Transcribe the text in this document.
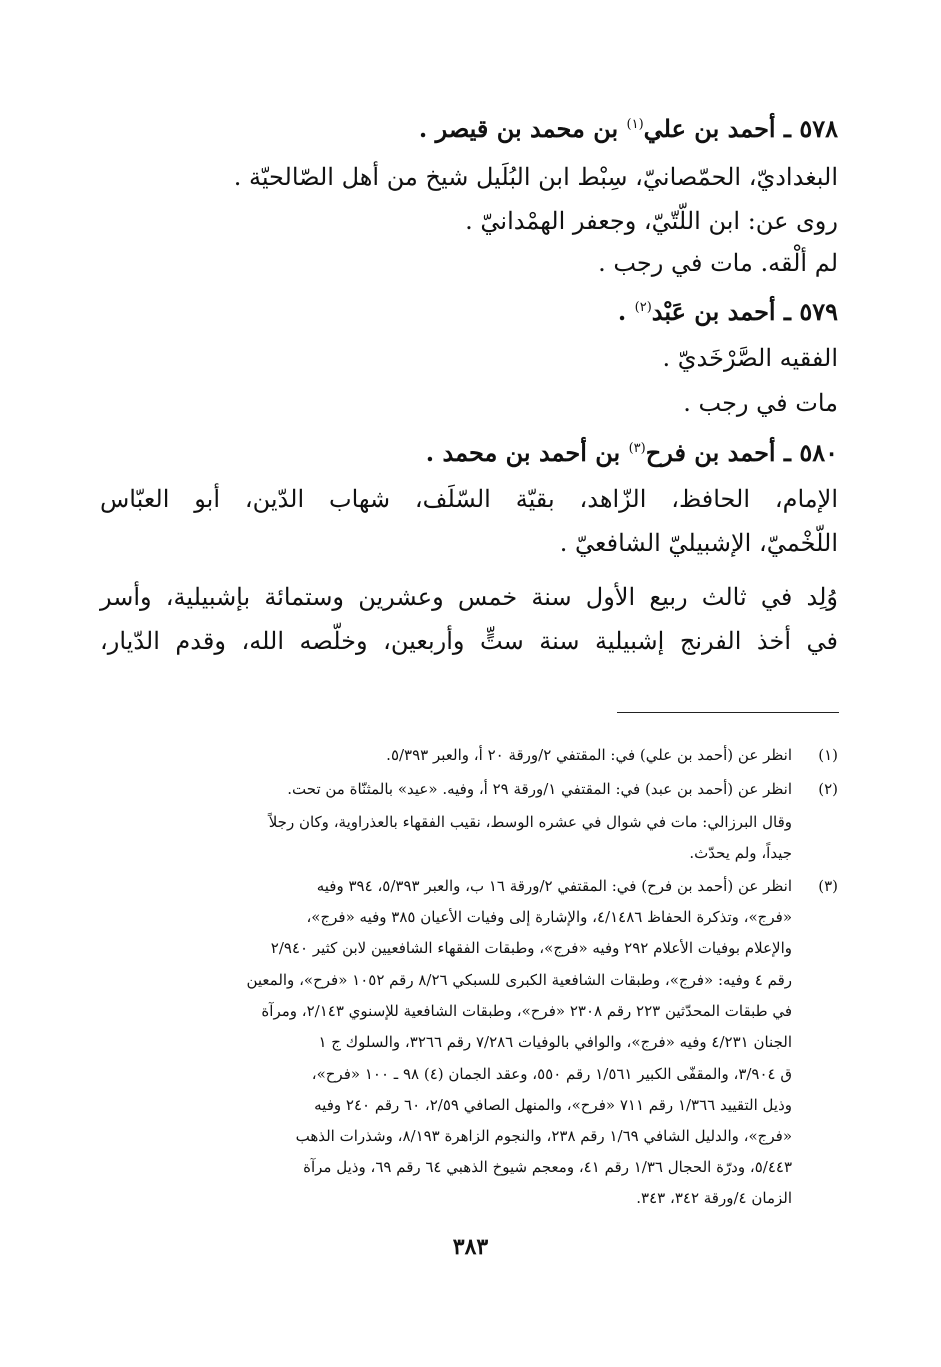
٥٧٨ ـ أحمد بن علي$^{(١)}$ بن محمد بن قيصر .
البغداديّ، الحمّصانيّ، سِبْط ابن البُلَيل شيخ من أهل الصّالحيّة .
روى عن: ابن اللّتّيّ، وجعفر الهمْدانيّ .
لم ألْقه. مات في رجب .
٥٧٩ ـ أحمد بن عَبْد$^{(٢)}$ .
الفقيه الصَّرْخَديّ .
مات في رجب .
٥٨٠ ـ أحمد بن فرح$^{(٣)}$ بن أحمد بن محمد .
الإمام، الحافظ، الزّاهد، بقيّة السّلَف، شهاب الدّين، أبو العبّاس
اللّخْميّ، الإشبيليّ الشافعيّ .
وُلِد في ثالث ربيع الأول سنة خمس وعشرين وستمائة بإشبيلية، وأسر
في أخذ الفرنج إشبيلية سنة ستٍّ وأربعين، وخلّصه الله، وقدم الدّيار،
(١)
انظر عن (أحمد بن علي) في: المقتفي ٢/ورقة ٢٠ أ، والعبر ٥/٣٩٣.
(٢)
انظر عن (أحمد بن عبد) في: المقتفي ١/ورقة ٢٩ أ، وفيه. «عيد» بالمثنّاة من تحت.
وقال البرزالي: مات في شوال في عشره الوسط، نقيب الفقهاء بالعذراوية، وكان رجلاً
جيداً، ولم يحدّث.
(٣)
انظر عن (أحمد بن فرح) في: المقتفي ٢/ورقة ١٦ ب، والعبر ٥/٣٩٣، ٣٩٤ وفيه
«فرج»، وتذكرة الحفاظ ٤/١٤٨٦، والإشارة إلى وفيات الأعيان ٣٨٥ وفيه «فرج»،
والإعلام بوفيات الأعلام ٢٩٢ وفيه «فرج»، وطبقات الفقهاء الشافعيين لابن كثير ٢/٩٤٠
رقم ٤ وفيه: «فرج»، وطبقات الشافعية الكبرى للسبكي ٨/٢٦ رقم ١٠٥٢ «فرح»، والمعين
في طبقات المحدّثين ٢٢٣ رقم ٢٣٠٨ «فرح»، وطبقات الشافعية للإسنوي ٢/١٤٣، ومرآة
الجنان ٤/٢٣١ وفيه «فرج»، والوافي بالوفيات ٧/٢٨٦ رقم ٣٢٦٦، والسلوك ج ١
ق ٣/٩٠٤، والمقفّى الكبير ١/٥٦١ رقم ٥٥٠، وعقد الجمان (٤) ٩٨ ـ ١٠٠ «فرح»،
وذيل التقييد ١/٣٦٦ رقم ٧١١ «فرح»، والمنهل الصافي ٢/٥٩، ٦٠ رقم ٢٤٠ وفيه
«فرج»، والدليل الشافي ١/٦٩ رقم ٢٣٨، والنجوم الزاهرة ٨/١٩٣، وشذرات الذهب
٥/٤٤٣، ودرّة الحجال ١/٣٦ رقم ٤١، ومعجم شيوخ الذهبي ٦٤ رقم ٦٩، وذيل مرآة
الزمان ٤/ورقة ٣٤٢، ٣٤٣.
٣٨٣
